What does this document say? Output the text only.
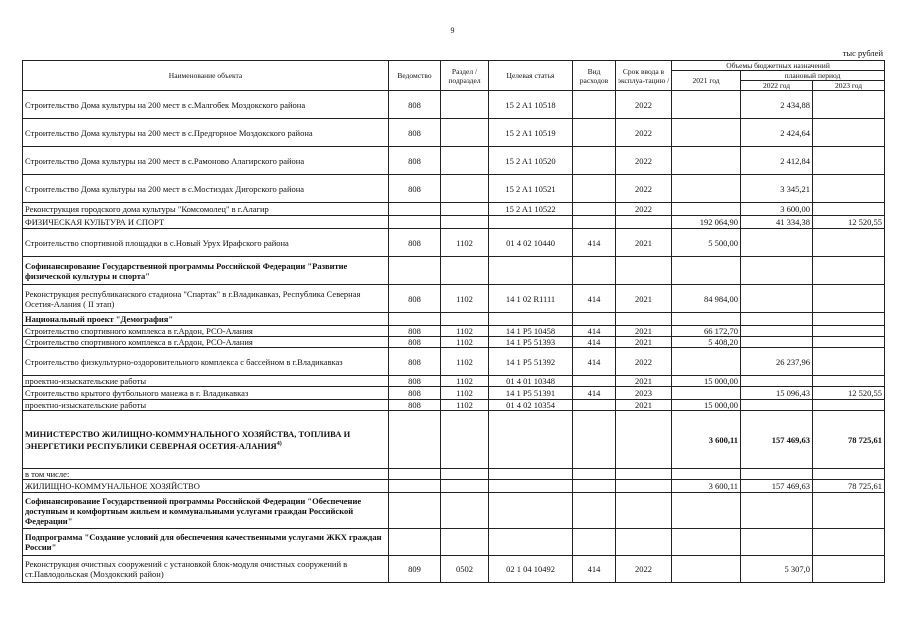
9
тыс рублей
Наименование объекта	Ведомство	Раздел / подраздел	Целевая статья	Вид расходов	Срок ввода в эксплуа-тацию /	Объемы бюджетных назначений		
						2021 год	плановый период	
							2022 год	2023 год
Строительство Дома культуры на 200 мест в с.Малгобек Моздокского района	808		15 2 A1 10518		2022		2 434,88	
Строительство Дома культуры на 200 мест в с.Предгорное Моздокского района	808		15 2 A1 10519		2022		2 424,64	
Строительство Дома культуры на 200 мест в с.Рамоново Алагирского района	808		15 2 A1 10520		2022		2 412,84	
Строительство Дома культуры на 200 мест в с.Мостиздах Дигорского района	808		15 2 A1 10521		2022		3 345,21	
Реконструкция городского дома культуры "Комсомолец" в г.Алагир			15 2 A1 10522		2022		3 600,00	
ФИЗИЧЕСКАЯ КУЛЬТУРА И СПОРТ						192 064,90	41 334,38	12 520,55
Строительство спортивной площадки в с.Новый Урух Ирафского района	808	1102	01 4 02 10440	414	2021	5 500,00		
Софинансирование Государственной программы Российской Федерации "Развитие физической культуры и спорта"								
Реконструкция республиканского стадиона "Спартак" в г.Владикавказ, Республика Северная Осетия-Алания ( II этап)	808	1102	14 1 02 R1111	414	2021	84 984,00		
Национальный проект "Демография"								
Строительство спортивного комплекса в г.Ардон, РСО-Алания	808	1102	14 1 P5 10458	414	2021	66 172,70		
Строительство спортивного комплекса в г.Ардон, РСО-Алания	808	1102	14 1 P5 51393	414	2021	5 408,20		
Строительство физкультурно-оздоровительного комплекса с бассейном в г.Владикавказ	808	1102	14 1 P5 51392	414	2022		26 237,96	
проектно-изыскательские работы	808	1102	01 4 01 10348		2021	15 000,00		
Строительство крытого футбольного манежа в г. Владикавказ	808	1102	14 1 P5 51391	414	2023		15 096,43	12 520,55
проектно-изыскательские работы	808	1102	01 4 02 10354		2021	15 000,00		
МИНИСТЕРСТВО ЖИЛИЩНО-КОММУНАЛЬНОГО ХОЗЯЙСТВА, ТОПЛИВА И ЭНЕРГЕТИКИ РЕСПУБЛИКИ СЕВЕРНАЯ ОСЕТИЯ-АЛАНИЯ$^{4)}$						3 600,11	157 469,63	78 725,61
в том числе:								
ЖИЛИЩНО-КОММУНАЛЬНОЕ ХОЗЯЙСТВО						3 600,11	157 469,63	78 725,61
Софинансирование Государственной программы Российской Федерации "Обеспечение доступным и комфортным жильем и коммунальными услугами граждан Российской Федерации"								
Подпрограмма "Создание условий для обеспечения качественными услугами ЖКХ граждан России"								
Реконструкция очистных сооружений с установкой блок-модуля очистных сооружений в ст.Павлодольская (Моздокский район)	809	0502	02 1 04 10492	414	2022		5 307,0	
